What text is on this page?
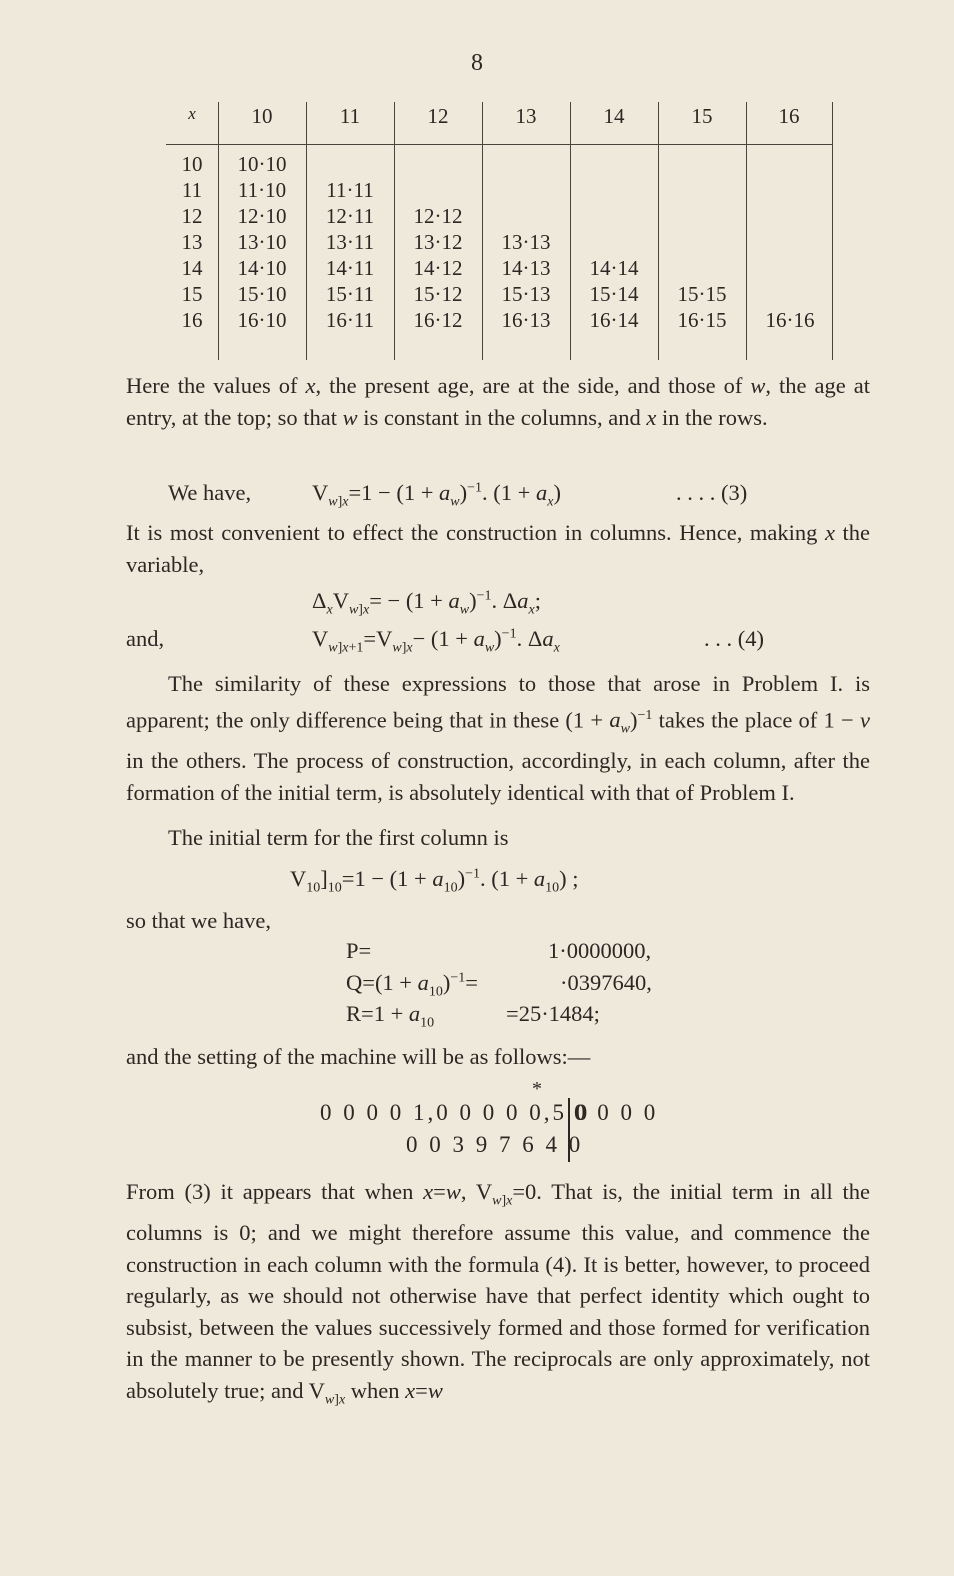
8
x	10	11	12	13	14	15	16
10	10·10
11	11·10	11·11
12	12·10	12·11	12·12
13	13·10	13·11	13·12	13·13
14	14·10	14·11	14·12	14·13	14·14
15	15·10	15·11	15·12	15·13	15·14	15·15
16	16·10	16·11	16·12	16·13	16·14	16·15	16·16
Here the values of x, the present age, are at the side, and those of w, the age at entry, at the top; so that w is constant in the columns, and x in the rows.
We have,	$V_{w]x}=1 - (1 + a_w)^{-1}$. $(1 + a_x)$	. . . . (3)
It is most convenient to effect the construction in columns. Hence, making x the variable,
$\Delta_xV_{w]x}= - (1 + a_w)^{-1}$. $\Delta a_x$;
and,	$V_{w]x+1}=V_{w]x}- (1 + a_w)^{-1}$. $\Delta a_x$	. . . (4)
The similarity of these expressions to those that arose in Problem I. is apparent; the only difference being that in these $(1 + a_w)^{-1}$ takes the place of 1 − v in the others. The process of construction, accordingly, in each column, after the formation of the initial term, is absolutely identical with that of Problem I.
The initial term for the first column is
$V_{10}]_{10}=1 - (1 + a_{10})^{-1}$. $(1 + a_{10})$ ;
so that we have,
P=	1·0000000,
$Q=(1 + a_{10})^{-1}=$	·0397640,
$R=1 + a_{10}$	=25·1484;
and the setting of the machine will be as follows:—
*
0 0 0 0 1,0 0 0 0 0,5 0
0 0 0 0
0 0 3 9 7 6 4 0
From (3) it appears that when x=w, $V_{w]x}=0$. That is, the initial term in all the columns is 0; and we might therefore assume this value, and commence the construction in each column with the formula (4). It is better, however, to proceed regularly, as we should not otherwise have that perfect identity which ought to subsist, between the values successively formed and those formed for verification in the manner to be presently shown. The reciprocals are only approximately, not absolutely true; and $V_{w]x}$ when x=w
